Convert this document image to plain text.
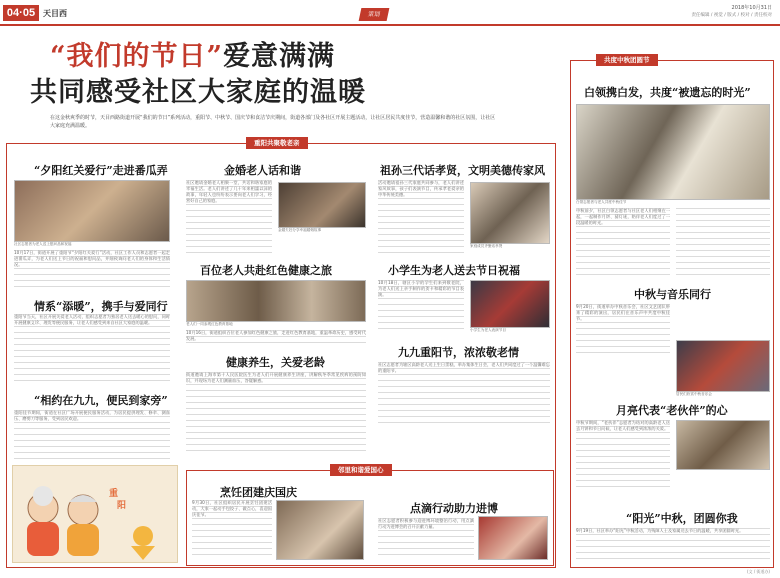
04·05 天目西	策划
2018年10月31日
责任编辑 / 视觉 / 版式 / 校对 / 责任校对
“我们的节日”爱意满满
共同感受社区大家庭的温暖
在这金秋爽季的时节，天目西路街道开展“我们的节日”系列活动，重阳节、中秋节、国庆节和食洁节庆期间，街道各部门及各社区开展主题活动，让社区居民共度佳节，营造温馨和谐的社区氛围，让社区大家庭充满温暖。
重阳共聚敬老亲
“夕阳红关爱行”走进番瓜弄
社区志愿者为老人送上慰问品和祝福
10月17日，街道开展了重阳节“夕阳红关爱行”活动，社区工作人员和志愿者一起走进番瓜弄，为老人们送上节日的祝福和慰问品，并细致询问老人们的身体和生活情况。
情系“添暖”，携手与爱同行
重阳节当天，社区开展关爱老人活动，组织志愿者为独居老人送去暖心的慰问，同时开展健康义诊、理发等便民服务，让老人们感受到来自社区大家庭的温暖。
“相约在九九，便民到家旁”
重阳佳节期间，街道在社区广场开展便民服务活动，为居民提供理发、修伞、测血压、磨剪刀等服务，受到居民欢迎。
重
阳
金婚老人话和谐
社区邀请金婚老人相聚一堂，共话和谐家庭的幸福生活。老人们讲述了几十年来相濡以沫的故事，年轻人也纷纷表示要向老人们学习，经营好自己的家庭。
金婚夫妇分享幸福婚姻故事
百位老人共赴红色健康之旅
老人们一同参观红色教育基地
10月16日，街道组织百位老人参加红色健康之旅，走进红色教育基地，重温革命历史，感受时代发展。
健康养生，关爱老龄
街道邀请上海市第十人民医院医生为老人们开展健康养生讲座，讲解秋冬季常见疾病的预防知识，并现场为老人们测量血压，答疑解惑。
祖孙三代话孝贤，文明美德传家风
活动邀请祖孙三代家庭共同参与，老人们讲述家风故事，孩子们表演节目，传承孝老爱亲的中华传统美德。
家庭成员齐聚话孝贤
小学生为老人送去节日祝福
10月18日，辖区小学的学生们来到敬老院，为老人们送上亲手制作的贺卡和精彩的节目表演。
小学生为老人表演节目
九九重阳节，浓浓敬老情
社区志愿者为辖区高龄老人送上生日蛋糕，举办集体生日会，老人们共同度过了一个温馨难忘的重阳节。
邻里和谐爱国心
烹饪团建庆国庆
9月30日，社区组织居民开展烹饪团建活动，大家一起动手包饺子、做点心，喜迎国庆佳节。	点滴行动助力进博
社区志愿者积极参与迎进博环境整治行动，用点滴行动为进博会的召开贡献力量。
共度中秋团圆节
白领携白发，共度“被遗忘的时光”
白领志愿者与老人共度中秋佳节
中秋前夕，社区白领志愿者与社区老人们相聚在一起，一起制作月饼、猜灯谜，陪伴老人们度过了一段温暖的时光。
中秋与音乐同行
9月20日，街道举办中秋音乐会，社区文艺团队带来了精彩的演出，居民们在音乐声中共度中秋佳节。
居民们欣赏中秋音乐会
月亮代表“老伙伴”的心
中秋节期间，“老伙伴”志愿者为结对的高龄老人送去月饼和节日问候，让老人们感受到浓浓的关爱。
“阳光”中秋，团圆你我
9月19日，社区举办“阳光”中秋活动，为残障人士及家属送去节日的温暖，共享团圆时光。
(文 / 街道办)
